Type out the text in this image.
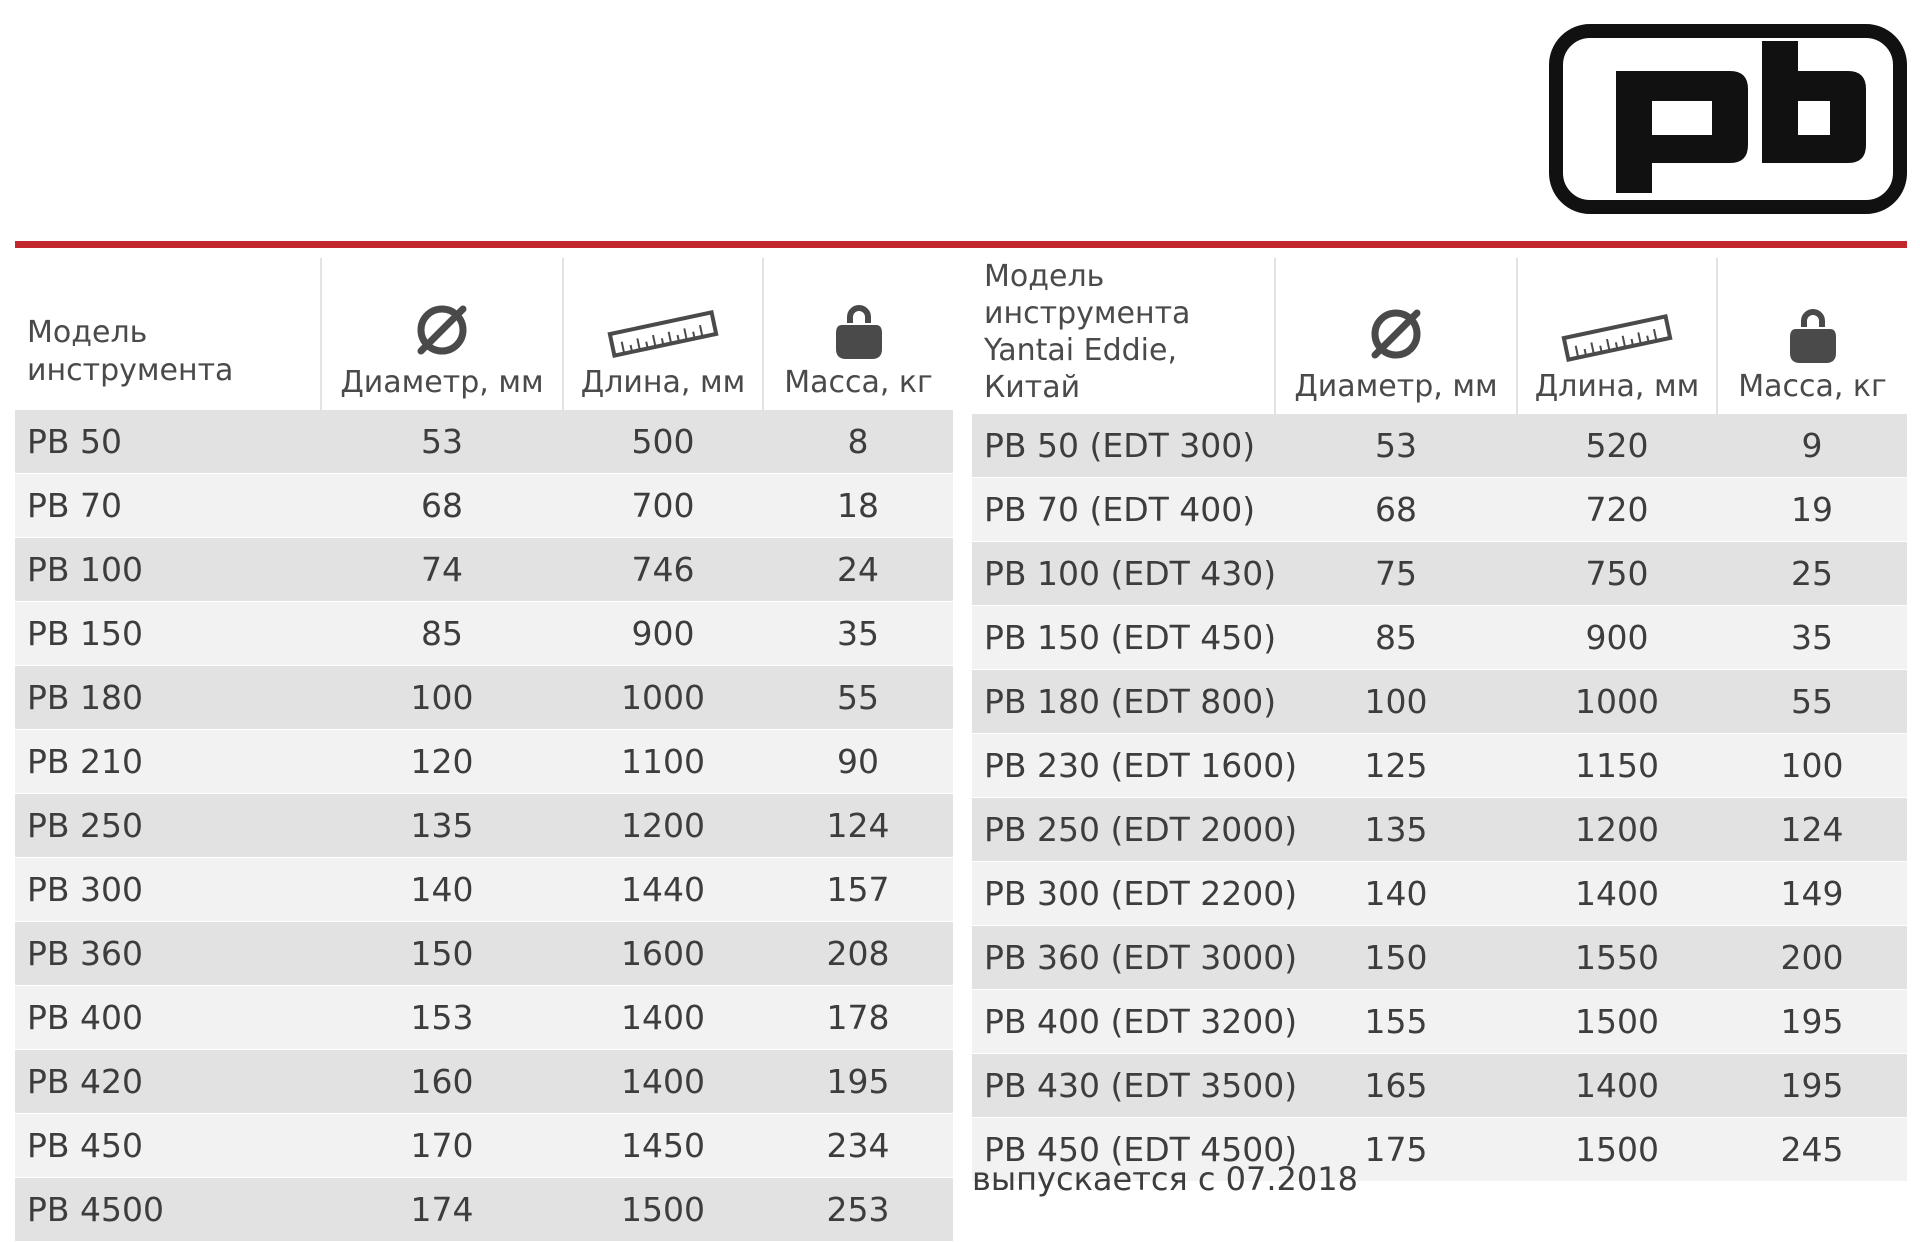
Модель
инструмента	Диаметр, мм	Длина, мм	Масса, кг

PB 50	53	500	8
PB 70	68	700	18
PB 100	74	746	24
PB 150	85	900	35
PB 180	100	1000	55
PB 210	120	1100	90
PB 250	135	1200	124
PB 300	140	1440	157
PB 360	150	1600	208
PB 400	153	1400	178
PB 420	160	1400	195
PB 450	170	1450	234
PB 4500	174	1500	253
Модель
инструмента
Yantai Eddie, Китай	Диаметр, мм	Длина, мм	Масса, кг

PB 50 (EDT 300)	53	520	9
PB 70 (EDT 400)	68	720	19
PB 100 (EDT 430)	75	750	25
PB 150 (EDT 450)	85	900	35
PB 180 (EDT 800)	100	1000	55
PB 230 (EDT 1600)	125	1150	100
PB 250 (EDT 2000)	135	1200	124
PB 300 (EDT 2200)	140	1400	149
PB 360 (EDT 3000)	150	1550	200
PB 400 (EDT 3200)	155	1500	195
PB 430 (EDT 3500)	165	1400	195
PB 450 (EDT 4500)	175	1500	245
выпускается с 07.2018
